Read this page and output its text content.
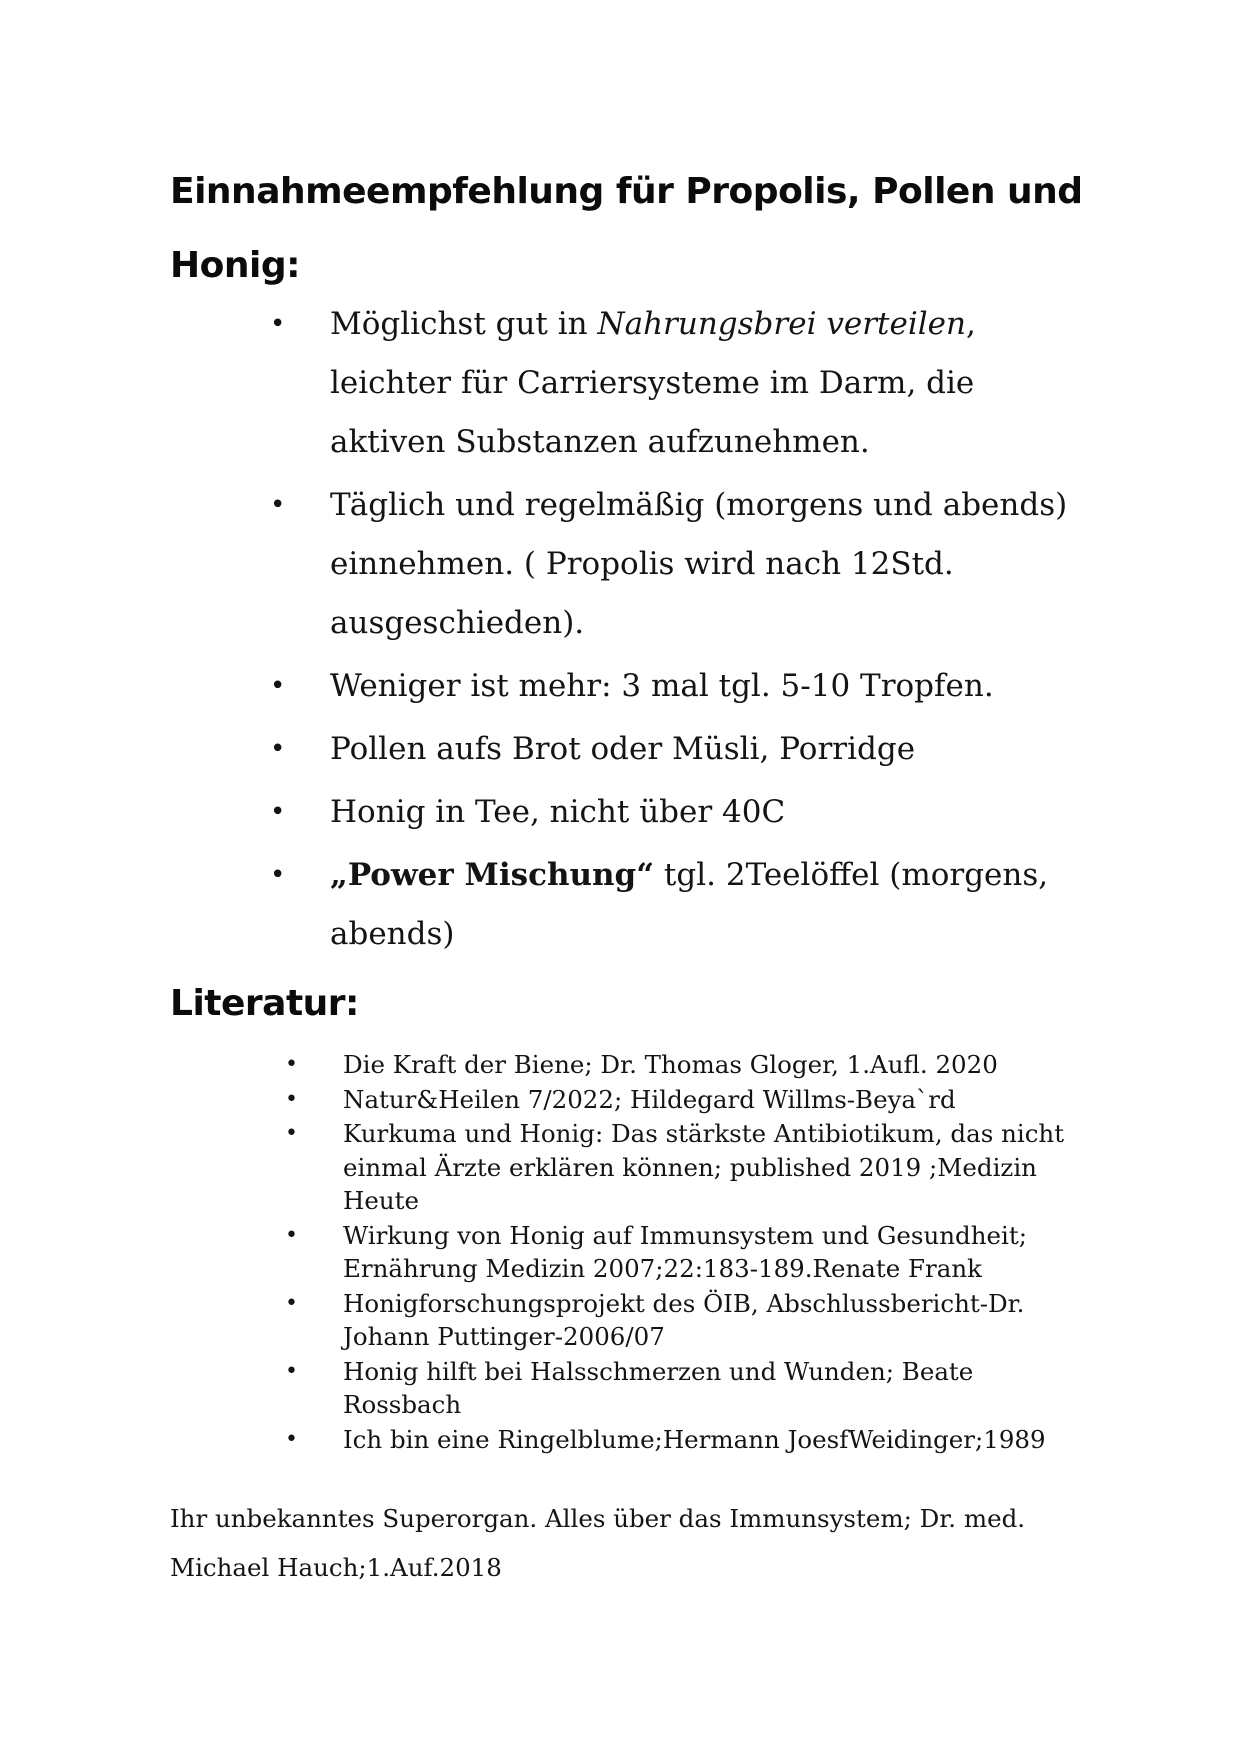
Einnahmeempfehlung für Propolis, Pollen und Honig:
• Möglichst gut in Nahrungsbrei verteilen, leichter für Carriersysteme im Darm, die aktiven Substanzen aufzunehmen.
• Täglich und regelmäßig (morgens und abends) einnehmen. ( Propolis wird nach 12Std. ausgeschieden).
• Weniger ist mehr: 3 mal tgl. 5-10 Tropfen.
• Pollen aufs Brot oder Müsli, Porridge
• Honig in Tee, nicht über 40C
• „Power Mischung“ tgl. 2Teelöffel (morgens, abends)
Literatur:
• Die Kraft der Biene; Dr. Thomas Gloger, 1.Aufl. 2020
• Natur&Heilen 7/2022; Hildegard Willms-Beya`rd
• Kurkuma und Honig: Das stärkste Antibiotikum, das nicht einmal Ärzte erklären können; published 2019 ;Medizin Heute
• Wirkung von Honig auf Immunsystem und Gesundheit; Ernährung Medizin 2007;22:183-189.Renate Frank
• Honigforschungsprojekt des ÖIB, Abschlussbericht-Dr. Johann Puttinger-2006/07
• Honig hilft bei Halsschmerzen und Wunden; Beate Rossbach
• Ich bin eine Ringelblume;Hermann JoesfWeidinger;1989

Ihr unbekanntes Superorgan. Alles über das Immunsystem; Dr. med. Michael Hauch;1.Auf.2018
